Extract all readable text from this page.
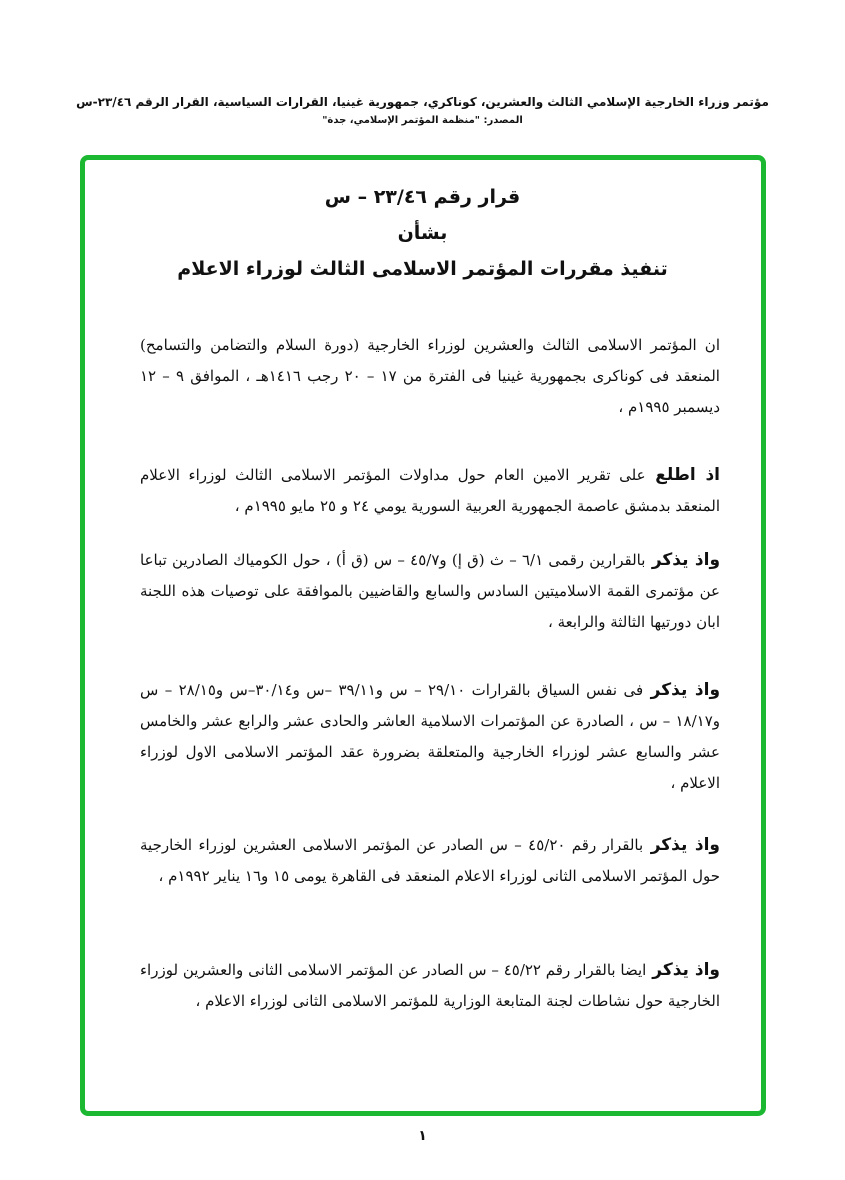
مؤتمر وزراء الخارجية الإسلامي الثالث والعشرين، كوناكري، جمهورية غينيا، القرارات السياسية، القرار الرقم ٢٣/٤٦-س
المصدر: "منظمة المؤتمر الإسلامي، جدة"
قرار رقم ٢٣/٤٦ – س
بشأن
تنفيذ مقررات المؤتمر الاسلامى الثالث لوزراء الاعلام
ان المؤتمر الاسلامى الثالث والعشرين لوزراء الخارجية (دورة السلام والتضامن والتسامح) المنعقد فى كوناكرى بجمهورية غينيا فى الفترة من ١٧ – ٢٠ رجب ١٤١٦هـ ، الموافق ٩ – ١٢ ديسمبر ١٩٩٥م ،
اذ اطلع على تقرير الامين العام حول مداولات المؤتمر الاسلامى الثالث لوزراء الاعلام المنعقد بدمشق عاصمة الجمهورية العربية السورية يومي ٢٤ و ٢٥ مايو ١٩٩٥م ،
واذ يذكر بالقرارين رقمى ٦/١ – ث (ق إ) و٤٥/٧ – س (ق أ) ، حول الكومياك الصادرين تباعا عن مؤتمرى القمة الاسلاميتين السادس والسابع والقاضيين بالموافقة على توصيات هذه اللجنة ابان دورتيها الثالثة والرابعة ،
واذ يذكر فى نفس السياق بالقرارات ٢٩/١٠ – س و٣٩/١١ –س و٣٠/١٤–س و٢٨/١٥ – س و١٨/١٧ – س ، الصادرة عن المؤتمرات الاسلامية العاشر والحادى عشر والرابع عشر والخامس عشر والسابع عشر لوزراء الخارجية والمتعلقة بضرورة عقد المؤتمر الاسلامى الاول لوزراء الاعلام ،
واذ يذكر بالقرار رقم ٤٥/٢٠ – س الصادر عن المؤتمر الاسلامى العشرين لوزراء الخارجية حول المؤتمر الاسلامى الثانى لوزراء الاعلام المنعقد فى القاهرة يومى ١٥ و١٦ يناير ١٩٩٢م ،
واذ يذكر ايضا بالقرار رقم ٤٥/٢٢ – س الصادر عن المؤتمر الاسلامى الثانى والعشرين لوزراء الخارجية حول نشاطات لجنة المتابعة الوزارية للمؤتمر الاسلامى الثانى لوزراء الاعلام ،
١
